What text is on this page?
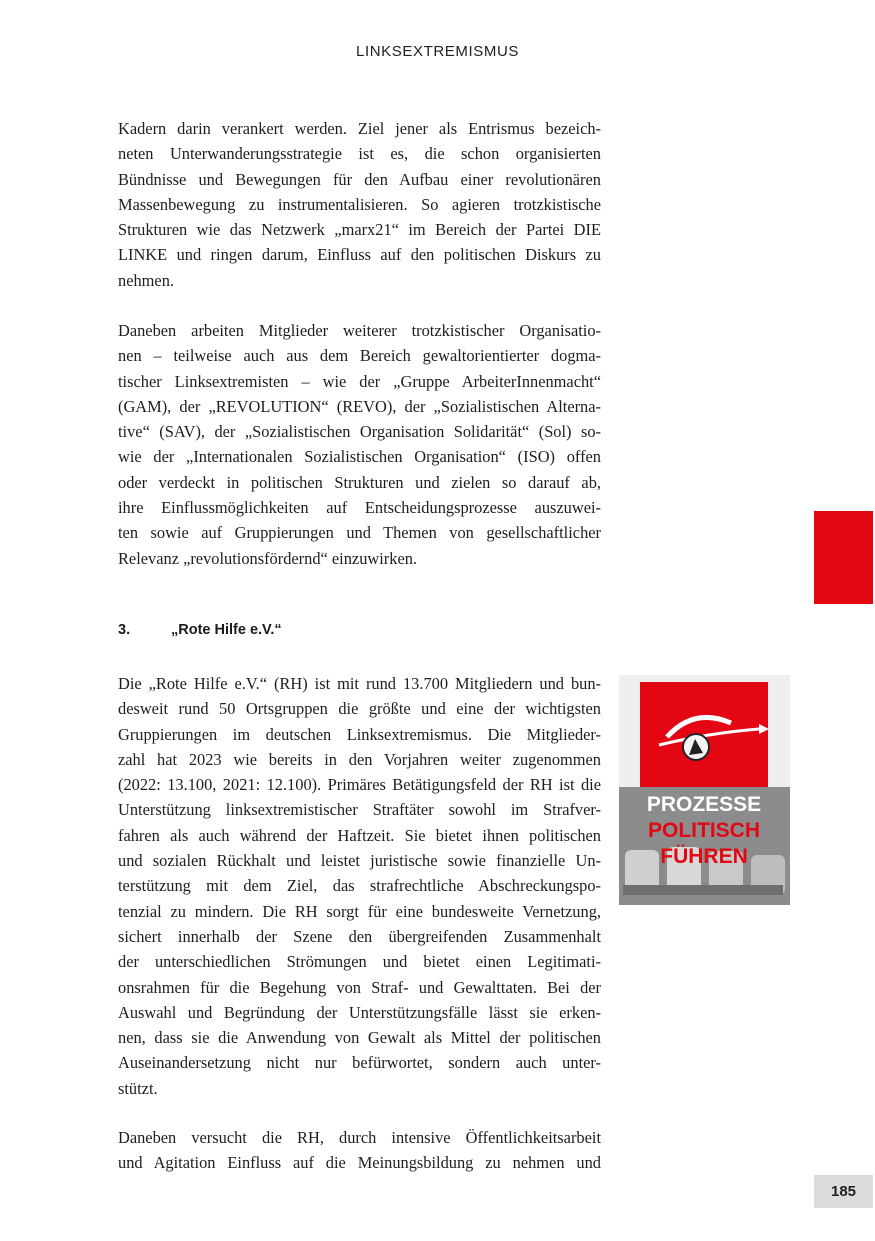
LINKSEXTREMISMUS
Kadern darin verankert werden. Ziel jener als Entrismus bezeich-
neten Unterwanderungsstrategie ist es, die schon organisierten
Bündnisse und Bewegungen für den Aufbau einer revolutionären
Massenbewegung zu instrumentalisieren. So agieren trotzkistische
Strukturen wie das Netzwerk „marx21“ im Bereich der Partei DIE
LINKE und ringen darum, Einfluss auf den politischen Diskurs zu
nehmen.
Daneben arbeiten Mitglieder weiterer trotzkistischer Organisatio-
nen – teilweise auch aus dem Bereich gewaltorientierter dogma-
tischer Linksextremisten – wie der „Gruppe ArbeiterInnenmacht“
(GAM), der „REVOLUTION“ (REVO), der „Sozialistischen Alterna-
tive“ (SAV), der „Sozialistischen Organisation Solidarität“ (Sol) so-
wie der „Internationalen Sozialistischen Organisation“ (ISO) offen
oder verdeckt in politischen Strukturen und zielen so darauf ab,
ihre Einflussmöglichkeiten auf Entscheidungsprozesse auszuwei-
ten sowie auf Gruppierungen und Themen von gesellschaftlicher
Relevanz „revolutionsfördernd“ einzuwirken.
3.	„Rote Hilfe e.V.“
Die „Rote Hilfe e.V.“ (RH) ist mit rund 13.700 Mitgliedern und bun-
desweit rund 50 Ortsgruppen die größte und eine der wichtigsten
Gruppierungen im deutschen Linksextremismus. Die Mitglieder-
zahl hat 2023 wie bereits in den Vorjahren weiter zugenommen
(2022: 13.100, 2021: 12.100). Primäres Betätigungsfeld der RH ist die
Unterstützung linksextremistischer Straftäter sowohl im Strafver-
fahren als auch während der Haftzeit. Sie bietet ihnen politischen
und sozialen Rückhalt und leistet juristische sowie finanzielle Un-
terstützung mit dem Ziel, das strafrechtliche Abschreckungspo-
tenzial zu mindern. Die RH sorgt für eine bundesweite Vernetzung,
sichert innerhalb der Szene den übergreifenden Zusammenhalt
der unterschiedlichen Strömungen und bietet einen Legitimati-
onsrahmen für die Begehung von Straf- und Gewalttaten. Bei der
Auswahl und Begründung der Unterstützungsfälle lässt sie erken-
nen, dass sie die Anwendung von Gewalt als Mittel der politischen
Auseinandersetzung nicht nur befürwortet, sondern auch unter-
stützt.
Daneben versucht die RH, durch intensive Öffentlichkeitsarbeit
und Agitation Einfluss auf die Meinungsbildung zu nehmen und
PROZESSE
POLITISCH
FÜHREN
185
